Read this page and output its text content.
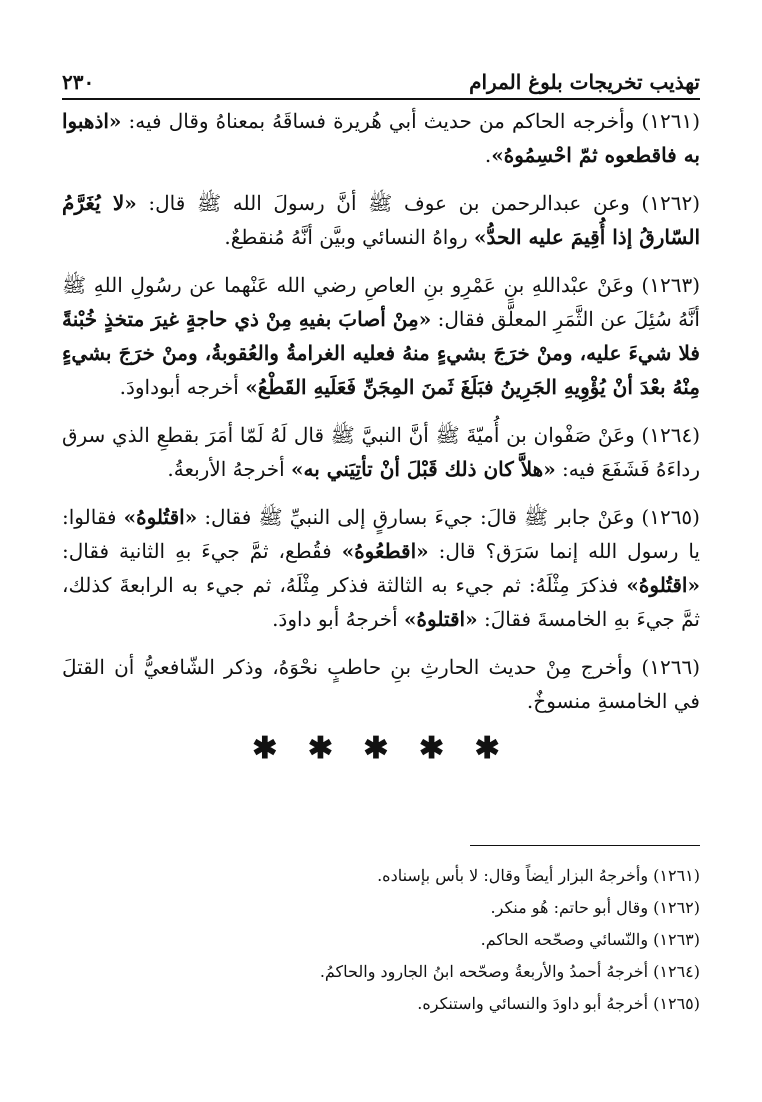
تهذيب تخريجات بلوغ المرام
٢٣٠

(١٢٦١) وأخرجه الحاكم من حديث أبي هُريرة فساقَهُ بمعناهُ وقال فيه: «اذهبوا به فاقطعوه ثمّ احْسِمُوهُ».

(١٢٦٢) وعن عبدالرحمن بن عوف ﷺ أنَّ رسولَ الله ﷺ قال: «لا يُغَرَّمُ السّارقُ إذا أُقِيمَ عليه الحدُّ» رواهُ النسائي وبيَّن أنَّهُ مُنقطعٌ.

(١٢٦٣) وعَنْ عبْداللهِ بنِ عَمْرِو بنِ العاصِ رضي الله عَنْهما عن رسُولِ اللهِ ﷺ أنَّهُ سُئِلَ عن الثَّمَرِ المعلَّق فقال: «مِنْ أصابَ بفيهِ مِنْ ذي حاجةٍ غيرَ متخذٍ خُبْنةً فلا شيءَ عليه، ومنْ خرَجَ بشيءٍ منهُ فعليه الغرامةُ والعُقوبةُ، ومنْ خرَجَ بشيءٍ مِنْهُ بعْدَ أنْ يُؤْوِيهِ الجَرِينُ فبَلَغَ ثَمنَ المِجَنِّ فَعَلَيهِ القَطْعُ» أخرجه أبوداودَ.

(١٢٦٤) وعَنْ صَفْوان بن أُميّةَ ﷺ أنَّ النبيَّ ﷺ قال لَهُ لَمّا أمَرَ بقطعِ الذي سرق رداءَهُ فَشَفَعَ فيه: «هلاَّ كان ذلك قَبْلَ أنْ تأتِيَني به» أخرجهُ الأربعةُ.

(١٢٦٥) وعَنْ جابر ﷺ قالَ: جيءَ بسارقٍ إلى النبيِّ ﷺ فقال: «اقتُلوهُ» فقالوا: يا رسول الله إنما سَرَق؟ قال: «اقطعُوهُ» فقُطع، ثمَّ جيءَ بهِ الثانية فقال: «اقتُلوهُ» فذكرَ مِثْلَهُ: ثم جيء به الثالثة فذكر مِثْلَهُ، ثم جيء به الرابعةَ كذلك، ثمَّ جيءَ بهِ الخامسةَ فقالَ: «اقتلوهُ» أخرجهُ أبو داودَ.

(١٢٦٦) وأخرج مِنْ حديث الحارثِ بنِ حاطبٍ نحْوَهُ، وذكر الشّافعيُّ أن القتلَ في الخامسةِ منسوخٌ.

✱ ✱ ✱ ✱ ✱

(١٢٦١) وأخرجهُ البزار أيضاً وقال: لا بأس بإسناده.

(١٢٦٢) وقال أبو حاتم: هُو منكر.

(١٢٦٣) والنّسائي وصحّحه الحاكم.

(١٢٦٤) أخرجهُ أحمدُ والأربعةُ وصحّحه ابنُ الجارود والحاكمُ.

(١٢٦٥) أخرجهُ أبو داودَ والنسائي واستنكره.
